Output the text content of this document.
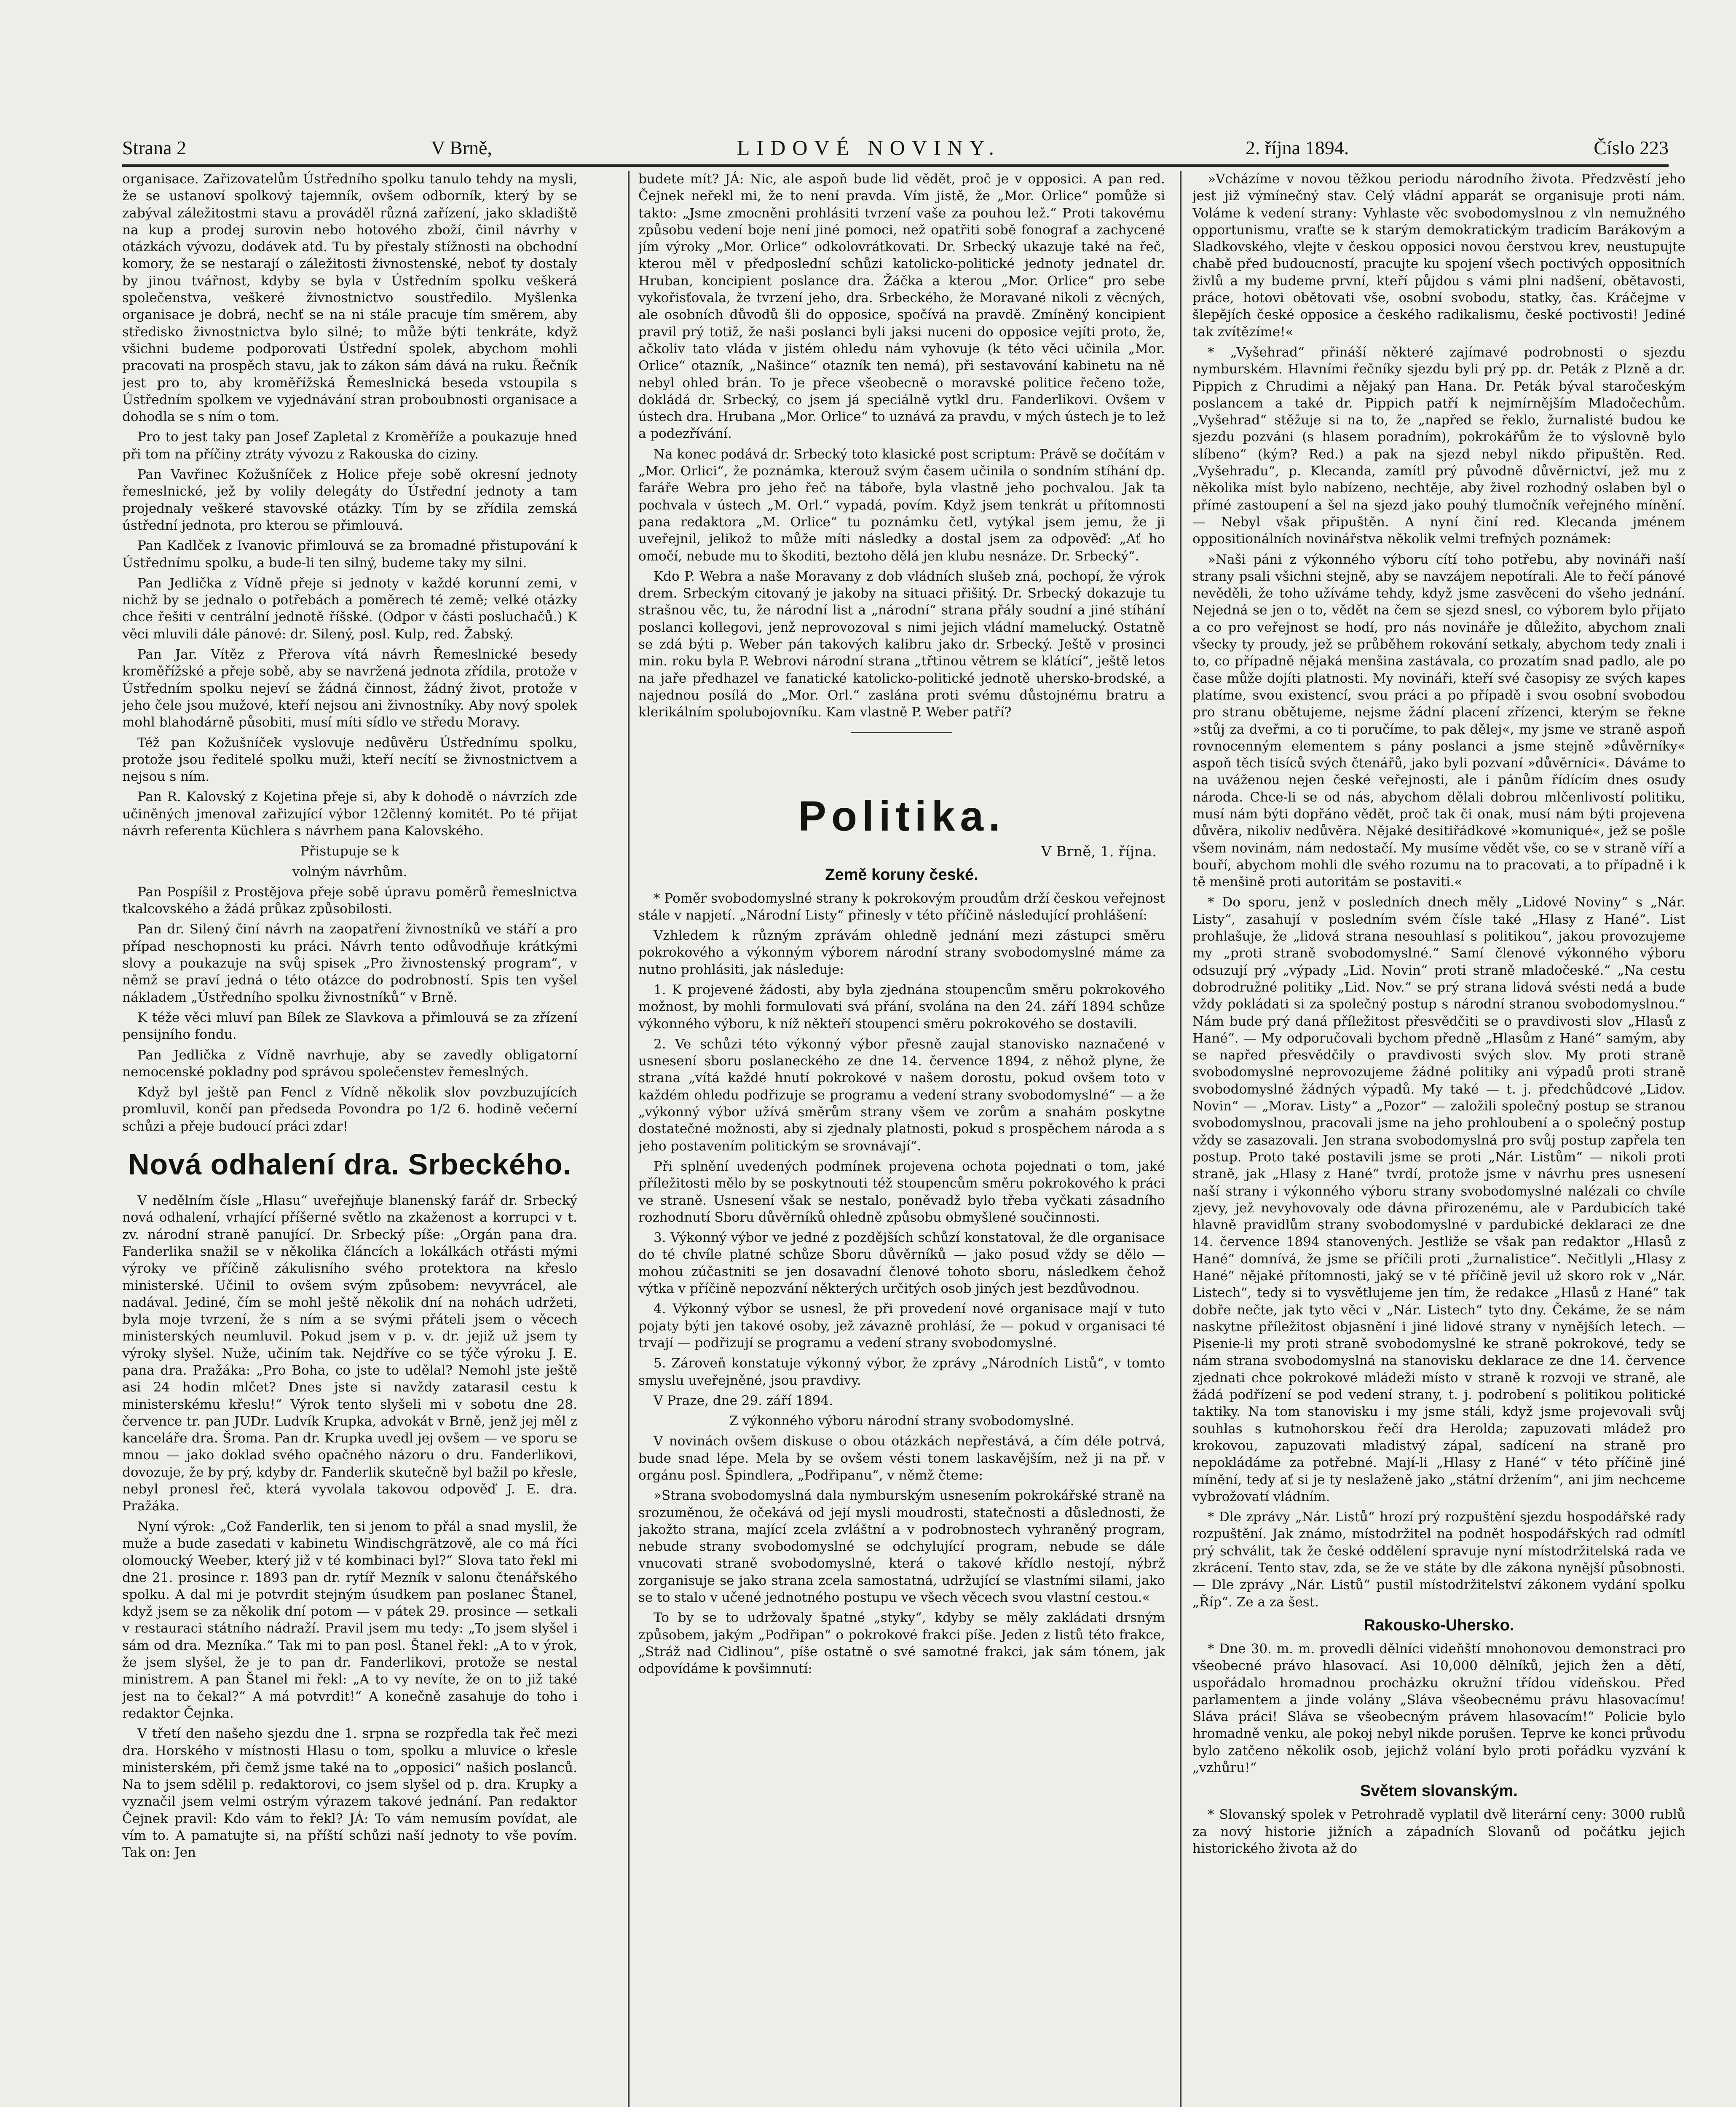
Strana 2	V Brně,	LIDOVÉ NOVINY.	2. října 1894.	Číslo 223

organisace. Zařizovatelům Ústředního spolku tanulo tehdy na mysli, že se ustanoví spolkový tajemník, ovšem odborník, který by se zabýval záležitostmi stavu a prováděl různá zařízení, jako skladiště na kup a prodej surovin nebo hotového zboží, činil návrhy v otázkách vývozu, dodávek atd. Tu by přestaly stížnosti na obchodní komory, že se nestarají o záležitosti živnostenské, neboť ty dostaly by jinou tvářnost, kdyby se byla v Ústředním spolku veškerá společenstva, veškeré živnostnictvo soustředilo. Myšlenka organisace je dobrá, nechť se na ni stále pracuje tím směrem, aby středisko živnostnictva bylo silné; to může býti tenkráte, když všichni budeme podporovati Ústřední spolek, abychom mohli pracovati na prospěch stavu, jak to zákon sám dává na ruku. Řečník jest pro to, aby kroměřížská Řemeslnická beseda vstoupila s Ústředním spolkem ve vyjednávání stran proboubnosti organisace a dohodla se s ním o tom.

Pro to jest taky pan Josef Zapletal z Kroměříže a poukazuje hned při tom na příčiny ztráty vývozu z Rakouska do ciziny.

Pan Vavřinec Kožušníček z Holice přeje sobě okresní jednoty řemeslnické, jež by volily delegáty do Ústřední jednoty a tam projednaly veškeré stavovské otázky. Tím by se zřídila zemská ústřední jednota, pro kterou se přimlouvá.

Pan Kadlček z Ivanovic přimlouvá se za bromadné přistupování k Ústřednímu spolku, a bude-li ten silný, budeme taky my silni.

Pan Jedlička z Vídně přeje si jednoty v každé korunní zemi, v nichž by se jednalo o potřebách a poměrech té země; velké otázky chce řešiti v centrální jednotě říšské. (Odpor v části posluchačů.) K věci mluvili dále pánové: dr. Silený, posl. Kulp, red. Žabský.

Pan Jar. Vítěz z Přerova vítá návrh Řemeslnické besedy kroměřížské a přeje sobě, aby se navržená jednota zřídila, protože v Ústředním spolku nejeví se žádná činnost, žádný život, protože v jeho čele jsou mužové, kteří nejsou ani živnostníky. Aby nový spolek mohl blahodárně působiti, musí míti sídlo ve středu Moravy.

Též pan Kožušníček vyslovuje nedůvěru Ústřednímu spolku, protože jsou ředitelé spolku muži, kteří necítí se živnostnictvem a nejsou s ním.

Pan R. Kalovský z Kojetina přeje si, aby k dohodě o návrzích zde učiněných jmenoval zařizující výbor 12členný komitét. Po té přijat návrh referenta Küchlera s návrhem pana Kalovského.

Přistupuje se k

volným návrhům.

Pan Pospíšil z Prostějova přeje sobě úpravu poměrů řemeslnictva tkalcovského a žádá průkaz způsobilosti.

Pan dr. Silený činí návrh na zaopatření živnostníků ve stáří a pro případ neschopnosti ku práci. Návrh tento odůvodňuje krátkými slovy a poukazuje na svůj spisek „Pro živnostenský program“, v němž se praví jedná o této otázce do podrobností. Spis ten vyšel nákladem „Ústředního spolku živnostníků“ v Brně.

K téže věci mluví pan Bílek ze Slavkova a přimlouvá se za zřízení pensijního fondu.

Pan Jedlička z Vídně navrhuje, aby se zavedly obligatorní nemocenské pokladny pod správou společenstev řemeslných.

Když byl ještě pan Fencl z Vídně několik slov povzbuzujících promluvil, končí pan předseda Povondra po 1/2 6. hodině večerní schůzi a přeje budoucí práci zdar!

Nová odhalení dra. Srbeckého.

V nedělním čísle „Hlasu“ uveřejňuje blanenský farář dr. Srbecký nová odhalení, vrhající příšerné světlo na zkaženost a korrupci v t. zv. národní straně panující. Dr. Srbecký píše: „Orgán pana dra. Fanderlika snažil se v několika článcích a lokálkách otřásti mými výroky ve příčině zákulisního svého protektora na křeslo ministerské. Učinil to ovšem svým způsobem: nevyvrácel, ale nadával. Jediné, čím se mohl ještě několik dní na nohách udržeti, byla moje tvrzení, že s ním a se svými přáteli jsem o věcech ministerských neumluvil. Pokud jsem v p. v. dr. jejiž už jsem ty výroky slyšel. Nuže, učiním tak. Nejdříve co se týče výroku J. E. pana dra. Pražáka: „Pro Boha, co jste to udělal? Nemohl jste ještě asi 24 hodin mlčet? Dnes jste si navždy zatarasil cestu k ministerskému křeslu!“ Výrok tento slyšeli mi v sobotu dne 28. července tr. pan JUDr. Ludvík Krupka, advokát v Brně, jenž jej měl z kanceláře dra. Šroma. Pan dr. Krupka uvedl jej ovšem — ve sporu se mnou — jako doklad svého opačného názoru o dru. Fanderlikovi, dovozuje, že by prý, kdyby dr. Fanderlik skutečně byl bažil po křesle, nebyl pronesl řeč, která vyvolala takovou odpověď J. E. dra. Pražáka.

Nyní výrok: „Což Fanderlik, ten si jenom to přál a snad myslil, že muže a bude zasedati v kabinetu Windischgrätzově, ale co má říci olomoucký Weeber, který již v té kombinaci byl?“ Slova tato řekl mi dne 21. prosince r. 1893 pan dr. rytíř Mezník v salonu čtenářského spolku. A dal mi je potvrdit stejným úsudkem pan poslanec Štanel, když jsem se za několik dní potom — v pátek 29. prosince — setkali v restauraci státního nádraží. Pravil jsem mu tedy: „To jsem slyšel i sám od dra. Mezníka.“ Tak mi to pan posl. Štanel řekl: „A to v ýrok, že jsem slyšel, že je to pan dr. Fanderlikovi, protože se nestal ministrem. A pan Štanel mi řekl: „A to vy nevíte, že on to již také jest na to čekal?“ A má potvrdit!“ A konečně zasahuje do toho i redaktor Čejnka.

V třetí den našeho sjezdu dne 1. srpna se rozpředla tak řeč mezi dra. Horského v místnosti Hlasu o tom, spolku a mluvice o křesle ministerském, při čemž jsme také na to „opposici“ našich poslanců. Na to jsem sdělil p. redaktorovi, co jsem slyšel od p. dra. Krupky a vyznačil jsem velmi ostrým výrazem takové jednání. Pan redaktor Čejnek pravil: Kdo vám to řekl? JÁ: To vám nemusím povídat, ale vím to. A pamatujte si, na příští schůzi naší jednoty to vše povím. Tak on: Jen

budete mít? JÁ: Nic, ale aspoň bude lid vědět, proč je v opposici. A pan red. Čejnek neřekl mi, že to není pravda. Vím jistě, že „Mor. Orlice“ pomůže si takto: „Jsme zmocněni prohlásiti tvrzení vaše za pouhou lež.“ Proti takovému způsobu vedení boje není jiné pomoci, než opatřiti sobě fonograf a zachycené jím výroky „Mor. Orlice“ odkolovrátkovati. Dr. Srbecký ukazuje také na řeč, kterou měl v předposlední schůzi katolicko-politické jednoty jednatel dr. Hruban, koncipient poslance dra. Žáčka a kterou „Mor. Orlice“ pro sebe vykořisťovala, že tvrzení jeho, dra. Srbeckého, že Moravané nikoli z věcných, ale osobních důvodů šli do opposice, spočívá na pravdě. Zmíněný koncipient pravil prý totiž, že naši poslanci byli jaksi nuceni do opposice vejíti proto, že, ačkoliv tato vláda v jistém ohledu nám vyhovuje (k této věci učinila „Mor. Orlice“ otazník, „Našince“ otazník ten nemá), při sestavování kabinetu na ně nebyl ohled brán. To je přece všeobecně o moravské politice řečeno tože, dokládá dr. Srbecký, co jsem já speciálně vytkl dru. Fanderlikovi. Ovšem v ústech dra. Hrubana „Mor. Orlice“ to uznává za pravdu, v mých ústech je to lež a podezřívání.

Na konec podává dr. Srbecký toto klasické post scriptum: Právě se dočítám v „Mor. Orlici“, že poznámka, kterouž svým časem učinila o sondním stíhání dp. faráře Webra pro jeho řeč na táboře, byla vlastně jeho pochvalou. Jak ta pochvala v ústech „M. Orl.“ vypadá, povím. Když jsem tenkrát u přítomnosti pana redaktora „M. Orlice“ tu poznámku četl, vytýkal jsem jemu, že ji uveřejnil, jelikož to může míti následky a dostal jsem za odpověď: „Ať ho omočí, nebude mu to škoditi, beztoho dělá jen klubu nesnáze. Dr. Srbecký“.

Kdo P. Webra a naše Moravany z dob vládních slušeb zná, pochopí, že výrok drem. Srbeckým citovaný je jakoby na situaci přišitý. Dr. Srbecký dokazuje tu strašnou věc, tu, že národní list a „národní“ strana přály soudní a jiné stíhání poslanci kollegovi, jenž neprovozoval s nimi jejich vládní mamelucký. Ostatně se zdá býti p. Weber pán takových kalibru jako dr. Srbecký. Ještě v prosinci min. roku byla P. Webrovi národní strana „třtinou větrem se klátící“, ještě letos na jaře předhazel ve fanatické katolicko-politické jednotě uhersko-brodské, a najednou posílá do „Mor. Orl.“ zaslána proti svému důstojnému bratru a klerikálním spolubojovníku. Kam vlastně P. Weber patří?

Politika.
V Brně, 1. října.
Země koruny české.

* Poměr svobodomyslné strany k pokrokovým proudům drží českou veřejnost stále v napjetí. „Národní Listy“ přinesly v této příčině následující prohlášení:

Vzhledem k různým zprávám ohledně jednání mezi zástupci směru pokrokového a výkonným výborem národní strany svobodomyslné máme za nutno prohlásiti, jak následuje:

1. K projevené žádosti, aby byla zjednána stoupencům směru pokrokového možnost, by mohli formulovati svá přání, svolána na den 24. září 1894 schůze výkonného výboru, k níž někteří stoupenci směru pokrokového se dostavili.

2. Ve schůzi této výkonný výbor přesně zaujal stanovisko naznačené v usnesení sboru poslaneckého ze dne 14. července 1894, z něhož plyne, že strana „vítá každé hnutí pokrokové v našem dorostu, pokud ovšem toto v každém ohledu podřizuje se programu a vedení strany svobodomyslné“ — a že „výkonný výbor užívá směrům strany všem ve zorům a snahám poskytne dostatečné možnosti, aby si zjednaly platnosti, pokud s prospěchem národa a s jeho postavením politickým se srovnávají“.

Při splnění uvedených podmínek projevena ochota pojednati o tom, jaké příležitosti mělo by se poskytnouti též stoupencům směru pokrokového k práci ve straně. Usnesení však se nestalo, poněvadž bylo třeba vyčkati zásadního rozhodnutí Sboru důvěrníků ohledně způsobu obmyšlené součinnosti.

3. Výkonný výbor ve jedné z pozdějších schůzí konstatoval, že dle organisace do té chvíle platné schůze Sboru důvěrníků — jako posud vždy se dělo — mohou zúčastniti se jen dosavadní členové tohoto sboru, následkem čehož výtka v příčině nepozvání některých určitých osob jiných jest bezdůvodnou.

4. Výkonný výbor se usnesl, že při provedení nové organisace mají v tuto pojaty býti jen takové osoby, jež závazně prohlásí, že — pokud v organisaci té trvají — podřizují se programu a vedení strany svobodomyslné.

5. Zároveň konstatuje výkonný výbor, že zprávy „Národních Listů“, v tomto smyslu uveřejněné, jsou pravdivy.

V Praze, dne 29. září 1894.

Z výkonného výboru národní strany svobodomyslné.

V novinách ovšem diskuse o obou otázkách nepřestává, a čím déle potrvá, bude snad lépe. Mela by se ovšem vésti tonem laskavějším, než ji na př. v orgánu posl. Špindlera, „Podřipanu“, v němž čteme:

»Strana svobodomyslná dala nymburským usnesením pokrokářské straně na srozuměnou, že očekává od její mysli moudrosti, statečnosti a důslednosti, že jakožto strana, mající zcela zvláštní a v podrobnostech vyhraněný program, nebude strany svobodomyslné se odchylující program, nebude se dále vnucovati straně svobodomyslné, která o takové křídlo nestojí, nýbrž zorganisuje se jako strana zcela samostatná, udržující se vlastními silami, jako se to stalo v učené jednotného postupu ve všech věcech svou vlastní cestou.«

To by se to udržovaly špatné „styky“, kdyby se měly zakládati drsným způsobem, jakým „Podřipan“ o pokrokové frakci píše. Jeden z listů této frakce, „Stráž nad Cidlinou“, píše ostatně o své samotné frakci, jak sám tónem, jak odpovídáme k povšimnutí:

»Vcházíme v novou těžkou periodu národního života. Předzvěstí jeho jest již výmínečný stav. Celý vládní apparát se organisuje proti nám. Voláme k vedení strany: Vyhlaste věc svobodomyslnou z vln nemužného opportunismu, vraťte se k starým demokratickým tradicím Barákovým a Sladkovského, vlejte v českou opposici novou čerstvou krev, neustupujte chabě před budoucností, pracujte ku spojení všech poctivých oppositních živlů a my budeme první, kteří půjdou s vámi plni nadšení, obětavosti, práce, hotovi obětovati vše, osobní svobodu, statky, čas. Kráčejme v šlepějích české opposice a českého radikalismu, české poctivosti! Jediné tak zvítězíme!«

* „Vyšehrad“ přináší některé zajímavé podrobnosti o sjezdu nymburském. Hlavními řečníky sjezdu byli prý pp. dr. Peták z Plzně a dr. Pippich z Chrudimi a nějaký pan Hana. Dr. Peták býval staročeským poslancem a také dr. Pippich patří k nejmírnějším Mladočechům. „Vyšehrad“ stěžuje si na to, že „napřed se řeklo, žurnalisté budou ke sjezdu pozváni (s hlasem poradním), pokrokářům že to výslovně bylo slíbeno“ (kým? Red.) a pak na sjezd nebyl nikdo připuštěn. Red. „Vyšehradu“, p. Klecanda, zamítl prý původně důvěrnictví, jež mu z několika míst bylo nabízeno, nechtěje, aby živel rozhodný oslaben byl o přímé zastoupení a šel na sjezd jako pouhý tlumočník veřejného mínění. — Nebyl však připuštěn. A nyní činí red. Klecanda jménem oppositionálních novinářstva několik velmi trefných poznámek:

»Naši páni z výkonného výboru cítí toho potřebu, aby novináři naší strany psali všichni stejně, aby se navzájem nepotírali. Ale to řečí pánové nevěděli, že toho užíváme tehdy, když jsme zasvěceni do všeho jednání. Nejedná se jen o to, vědět na čem se sjezd snesl, co výborem bylo přijato a co pro veřejnost se hodí, pro nás novináře je důležito, abychom znali všecky ty proudy, jež se průběhem rokování setkaly, abychom tedy znali i to, co případně nějaká menšina zastávala, co prozatím snad padlo, ale po čase může dojíti platnosti. My novináři, kteří své časopisy ze svých kapes platíme, svou existencí, svou práci a po případě i svou osobní svobodou pro stranu obětujeme, nejsme žádní placení zřízenci, kterým se řekne »stůj za dveřmi, a co ti poručíme, to pak dělej«, my jsme ve straně aspoň rovnocenným elementem s pány poslanci a jsme stejně »důvěrníky« aspoň těch tisíců svých čtenářů, jako byli pozvaní »důvěrníci«. Dáváme to na uváženou nejen české veřejnosti, ale i pánům řídícím dnes osudy národa. Chce-li se od nás, abychom dělali dobrou mlčenlivostí politiku, musí nám býti dopřáno vědět, proč tak či onak, musí nám býti projevena důvěra, nikoliv nedůvěra. Nějaké desitiřádkové »komuniqué«, jež se pošle všem novinám, nám nedostačí. My musíme vědět vše, co se v straně víří a bouří, abychom mohli dle svého rozumu na to pracovati, a to případně i k tě menšině proti autoritám se postaviti.«

* Do sporu, jenž v posledních dnech měly „Lidové Noviny“ s „Nár. Listy“, zasahují v posledním svém čísle také „Hlasy z Hané“. List prohlašuje, že „lidová strana nesouhlasí s politikou“, jakou provozujeme my „proti straně svobodomyslné.“ Samí členové výkonného výboru odsuzují prý „výpady „Lid. Novin“ proti straně mladočeské.“ „Na cestu dobrodružné politiky „Lid. Nov.“ se prý strana lidová svésti nedá a bude vždy pokládati si za společný postup s národní stranou svobodomyslnou.“ Nám bude prý daná příležitost přesvědčiti se o pravdivosti slov „Hlasů z Hané“. — My odporučovali bychom předně „Hlasům z Hané“ samým, aby se napřed přesvědčily o pravdivosti svých slov. My proti straně svobodomyslné neprovozujeme žádné politiky ani výpadů proti straně svobodomyslné žádných výpadů. My také — t. j. předchůdcové „Lidov. Novin“ — „Morav. Listy“ a „Pozor“ — založili společný postup se stranou svobodomyslnou, pracovali jsme na jeho prohloubení a o společný postup vždy se zasazovali. Jen strana svobodomyslná pro svůj postup zapřela ten postup. Proto také postavili jsme se proti „Nár. Listům“ — nikoli proti straně, jak „Hlasy z Hané“ tvrdí, protože jsme v návrhu pres usnesení naší strany i výkonného výboru strany svobodomyslné nalézali co chvíle zjevy, jež nevyhovovaly ode dávna přirozenému, ale v Pardubicích také hlavně pravidlům strany svobodomyslné v pardubické deklaraci ze dne 14. července 1894 stanovených. Jestliže se však pan redaktor „Hlasů z Hané“ domnívá, že jsme se příčili proti „žurnalistice“. Nečitlyli „Hlasy z Hané“ nějaké přítomnosti, jaký se v té příčině jevil už skoro rok v „Nár. Listech“, tedy si to vysvětlujeme jen tím, že redakce „Hlasů z Hané“ tak dobře nečte, jak tyto věci v „Nár. Listech“ tyto dny. Čekáme, že se nám naskytne příležitost objasnění i jiné lidové strany v nynějších letech. — Pisenie-li my proti straně svobodomyslné ke straně pokrokové, tedy se nám strana svobodomyslná na stanovisku deklarace ze dne 14. července zjednati chce pokrokové mládeži místo v straně k rozvoji ve straně, ale žádá podřízení se pod vedení strany, t. j. podrobení s politikou politické taktiky. Na tom stanovisku i my jsme stáli, když jsme projevovali svůj souhlas s kutnohorskou řečí dra Herolda; zapuzovati mládež pro krokovou, zapuzovati mladistvý zápal, sadícení na straně pro nepokládáme za potřebné. Mají-li „Hlasy z Hané“ v této příčině jiné mínění, tedy ať si je ty neslaženě jako „státní držením“, ani jim nechceme vybrožovatí vládním.

* Dle zprávy „Nár. Listů“ hrozí prý rozpuštění sjezdu hospodářské rady rozpuštění. Jak známo, místodržitel na podnět hospodářských rad odmítl prý schválit, tak že české oddělení spravuje nyní místodržitelská rada ve zkrácení. Tento stav, zda, se že ve státe by dle zákona nynější působnosti. — Dle zprávy „Nár. Listů“ pustil místodržitelství zákonem vydání spolku „Říp“. Ze a za šest.

Rakousko-Uhersko.

* Dne 30. m. m. provedli dělníci videňští mnohonovou demonstraci pro všeobecné právo hlasovací. Asi 10,000 dělníků, jejich žen a dětí, uspořádalo hromadnou procházku okružní třídou vídeňskou. Před parlamentem a jinde volány „Sláva všeobecnému právu hlasovacímu! Sláva práci! Sláva se všeobecným právem hlasovacím!“ Policie bylo hromadně venku, ale pokoj nebyl nikde porušen. Teprve ke konci průvodu bylo zatčeno několik osob, jejichž volání bylo proti pořádku vyzvání k „vzhůru!“

Světem slovanským.

* Slovanský spolek v Petrohradě vyplatil dvě literární ceny: 3000 rublů za nový historie jižních a západních Slovanů od počátku jejich historického života až do
